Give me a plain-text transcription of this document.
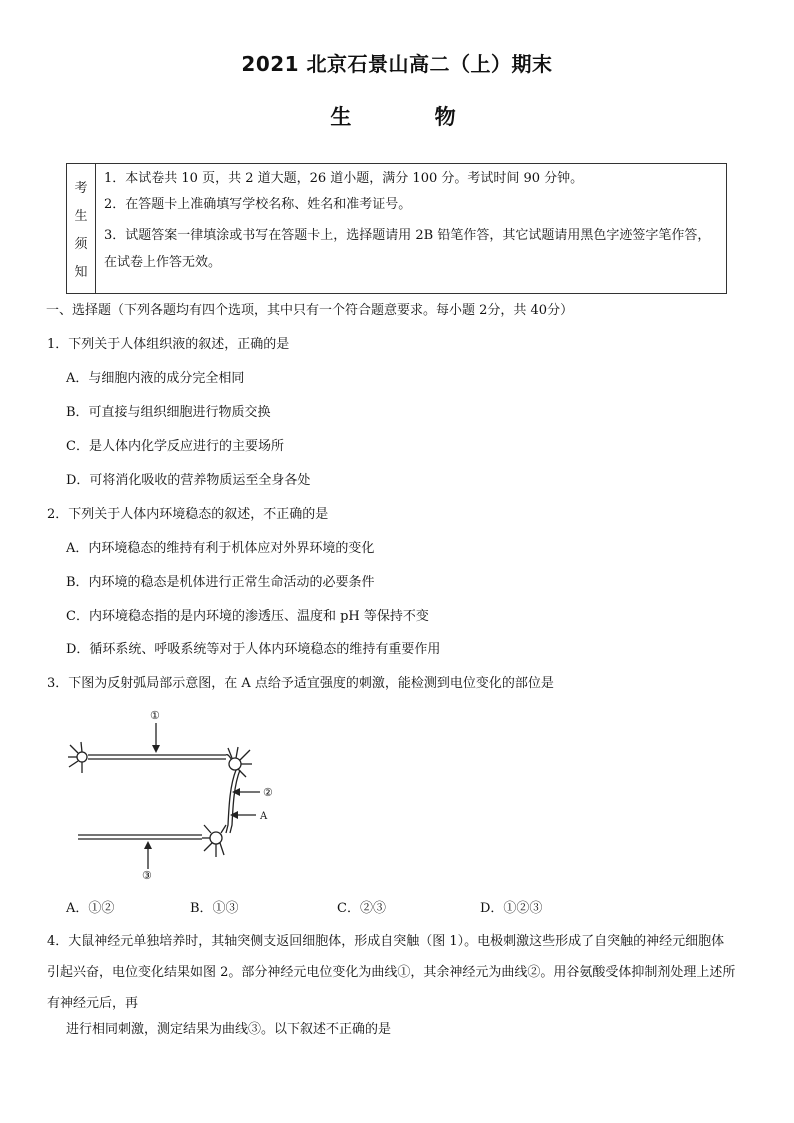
2021 北京石景山高二（上）期末
生 物
考
生
须
知

1．本试卷共 10 页，共 2 道大题，26 道小题，满分 100 分。考试时间 90 分钟。

2．在答题卡上准确填写学校名称、姓名和准考证号。

3．试题答案一律填涂或书写在答题卡上，选择题请用 2B 铅笔作答，其它试题请用黑色字迹签字笔作答，在试卷上作答无效。

一、选择题（下列各题均有四个选项，其中只有一个符合题意要求。每小题 2分，共 40分）
1．下列关于人体组织液的叙述，正确的是
A．与细胞内液的成分完全相同
B．可直接与组织细胞进行物质交换
C．是人体内化学反应进行的主要场所
D．可将消化吸收的营养物质运至全身各处
2．下列关于人体内环境稳态的叙述，不正确的是
A．内环境稳态的维持有利于机体应对外界环境的变化
B．内环境的稳态是机体进行正常生命活动的必要条件
C．内环境稳态指的是内环境的渗透压、温度和 pH 等保持不变
D．循环系统、呼吸系统等对于人体内环境稳态的维持有重要作用
3．下图为反射弧局部示意图，在 A 点给予适宜强度的刺激，能检测到电位变化的部位是
①
②
A
③
A．①②	B．①③	C．②③	D．①②③
4．大鼠神经元单独培养时，其轴突侧支返回细胞体，形成自突触（图 1）。电极刺激这些形成了自突触的神经元细胞体引起兴奋，电位变化结果如图 2。部分神经元电位变化为曲线①，其余神经元为曲线②。用谷氨酸受体抑制剂处理上述所有神经元后，再
进行相同刺激，测定结果为曲线③。以下叙述不正确的是
